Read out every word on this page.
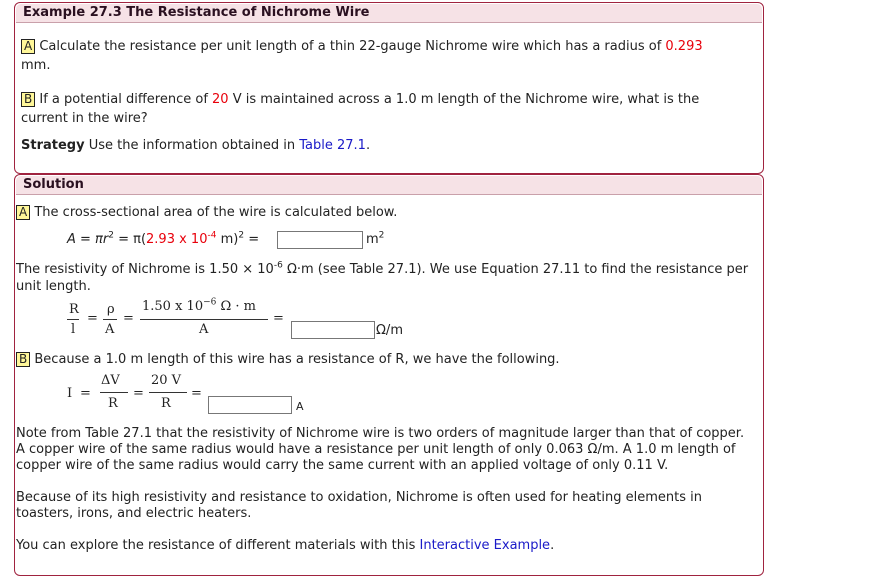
Example 27.3 The Resistance of Nichrome Wire
A Calculate the resistance per unit length of a thin 22-gauge Nichrome wire which has a radius of 0.293
mm.
B If a potential difference of 20 V is maintained across a 1.0 m length of the Nichrome wire, what is the
current in the wire?
Strategy Use the information obtained in Table 27.1.
Solution
A The cross-sectional area of the wire is calculated below.
$A = \pi r^2 = \pi(2.93$ x $10^{-4}$ m)$^2$ =	$m^2$
The resistivity of Nichrome is $1.50 \times 10^{-6}$ Ω·m (see Table 27.1). We use Equation 27.11 to find the resistance per
unit length.
R
l
=
ρ
A
=
1.50 x $10^{-6}$ Ω · m
A
=
Ω/m
B Because a 1.0 m length of this wire has a resistance of R, we have the following.
I =
ΔV
R
=
20 V
R
=
A
Note from Table 27.1 that the resistivity of Nichrome wire is two orders of magnitude larger than that of copper.
A copper wire of the same radius would have a resistance per unit length of only 0.063 Ω/m. A 1.0 m length of
copper wire of the same radius would carry the same current with an applied voltage of only 0.11 V.
Because of its high resistivity and resistance to oxidation, Nichrome is often used for heating elements in
toasters, irons, and electric heaters.
You can explore the resistance of different materials with this Interactive Example.
